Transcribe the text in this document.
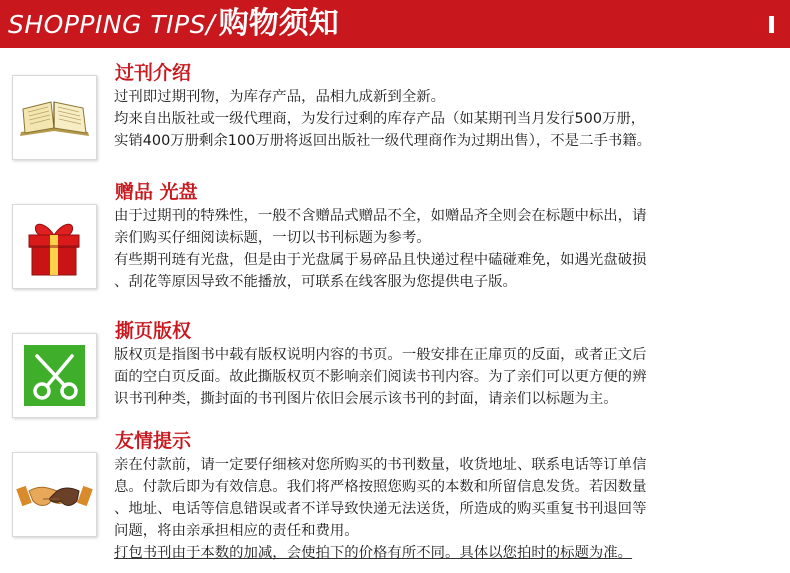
SHOPPING TIPS/ 购物须知
过刊介绍
过刊即过期刊物，为库存产品，品相九成新到全新。
均来自出版社或一级代理商，为发行过剩的库存产品（如某期刊当月发行500万册，
实销400万册剩余100万册将返回出版社一级代理商作为过期出售），不是二手书籍。
赠品 光盘
由于过期刊的特殊性，一般不含赠品式赠品不全，如赠品齐全则会在标题中标出，请
亲们购买仔细阅读标题，一切以书刊标题为参考。
有些期刊琏有光盘，但是由于光盘属于易碎品且快递过程中磕碰难免，如遇光盘破损
、刮花等原因导致不能播放，可联系在线客服为您提供电子版。
撕页版权
版权页是指图书中载有版权说明内容的书页。一般安排在正扉页的反面，或者正文后
面的空白页反面。故此撕版权页不影响亲们阅读书刊内容。为了亲们可以更方便的辨
识书刊种类，撕封面的书刊图片依旧会展示该书刊的封面，请亲们以标题为主。
友情提示
亲在付款前，请一定要仔细核对您所购买的书刊数量，收货地址、联系电话等订单信
息。付款后即为有效信息。我们将严格按照您购买的本数和所留信息发货。若因数量
、地址、电话等信息错误或者不详导致快递无法送货，所造成的购买重复书刊退回等
问题，将由亲承担相应的责任和费用。
打包书刊由于本数的加减，会使拍下的价格有所不同。具体以您拍时的标题为准。
